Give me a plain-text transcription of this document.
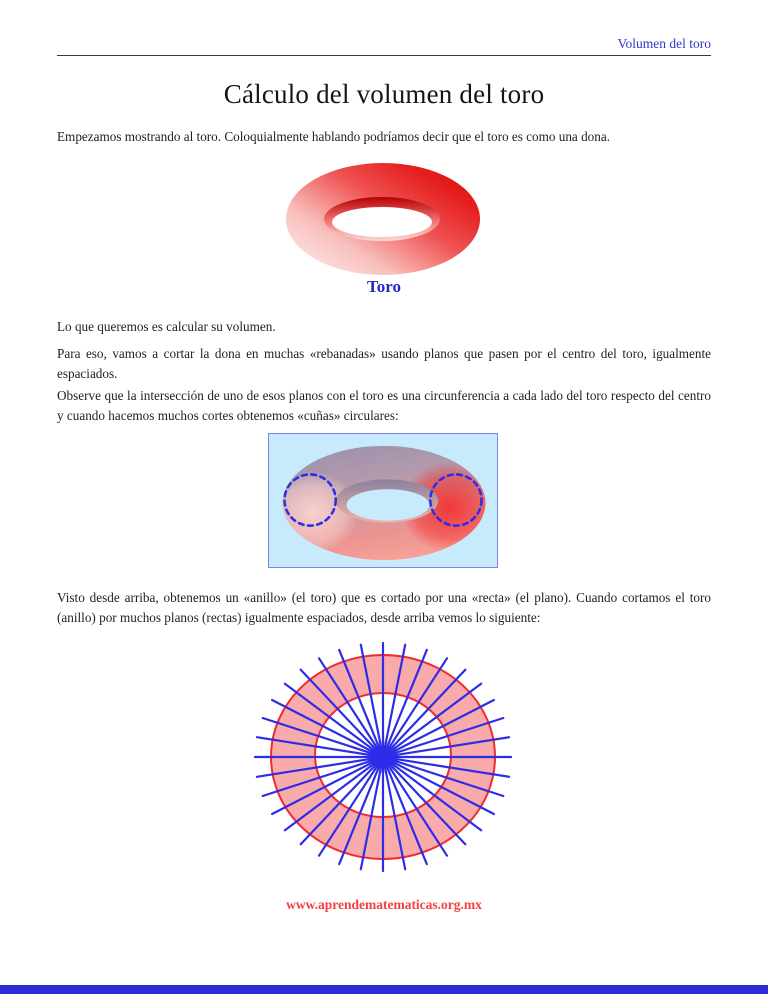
Volumen del toro
Cálculo del volumen del toro

Empezamos mostrando al toro. Coloquialmente hablando podríamos decir que el toro es como una dona.

Toro

Lo que queremos es calcular su volumen.

Para eso, vamos a cortar la dona en muchas «rebanadas» usando planos que pasen por el centro del toro, igualmente espaciados.

Observe que la intersección de uno de esos planos con el toro es una circunferencia a cada lado del toro respecto del centro y cuando hacemos muchos cortes obtenemos «cuñas» circulares:

Visto desde arriba, obtenemos un «anillo» (el toro) que es cortado por una «recta» (el plano). Cuando cortamos el toro (anillo) por muchos planos (rectas) igualmente espaciados, desde arriba vemos lo siguiente:

www.aprendematematicas.org.mx
